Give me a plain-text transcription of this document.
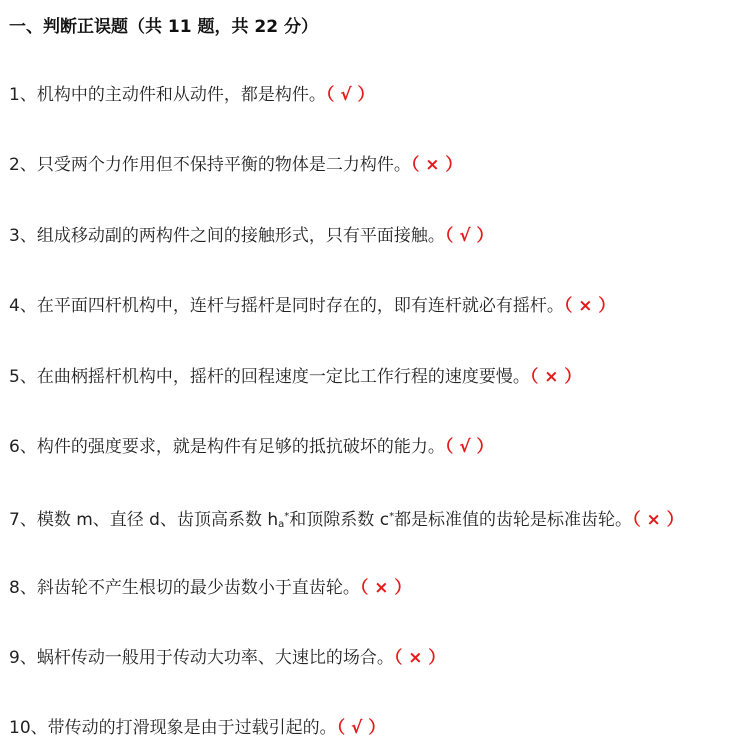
一、判断正误题（共 11 题，共 22 分）
1、机构中的主动件和从动件，都是构件。（ √ ）
2、只受两个力作用但不保持平衡的物体是二力构件。（ × ）
3、组成移动副的两构件之间的接触形式，只有平面接触。（ √ ）
4、在平面四杆机构中，连杆与摇杆是同时存在的，即有连杆就必有摇杆。（ × ）
5、在曲柄摇杆机构中，摇杆的回程速度一定比工作行程的速度要慢。（ × ）
6、构件的强度要求，就是构件有足够的抵抗破坏的能力。（ √ ）
7、模数 m、直径 d、齿顶高系数 $h_a^*$和顶隙系数 c*都是标准值的齿轮是标准齿轮。（ × ）
8、斜齿轮不产生根切的最少齿数小于直齿轮。（ × ）
9、蜗杆传动一般用于传动大功率、大速比的场合。（ × ）
10、带传动的打滑现象是由于过载引起的。（ √ ）
